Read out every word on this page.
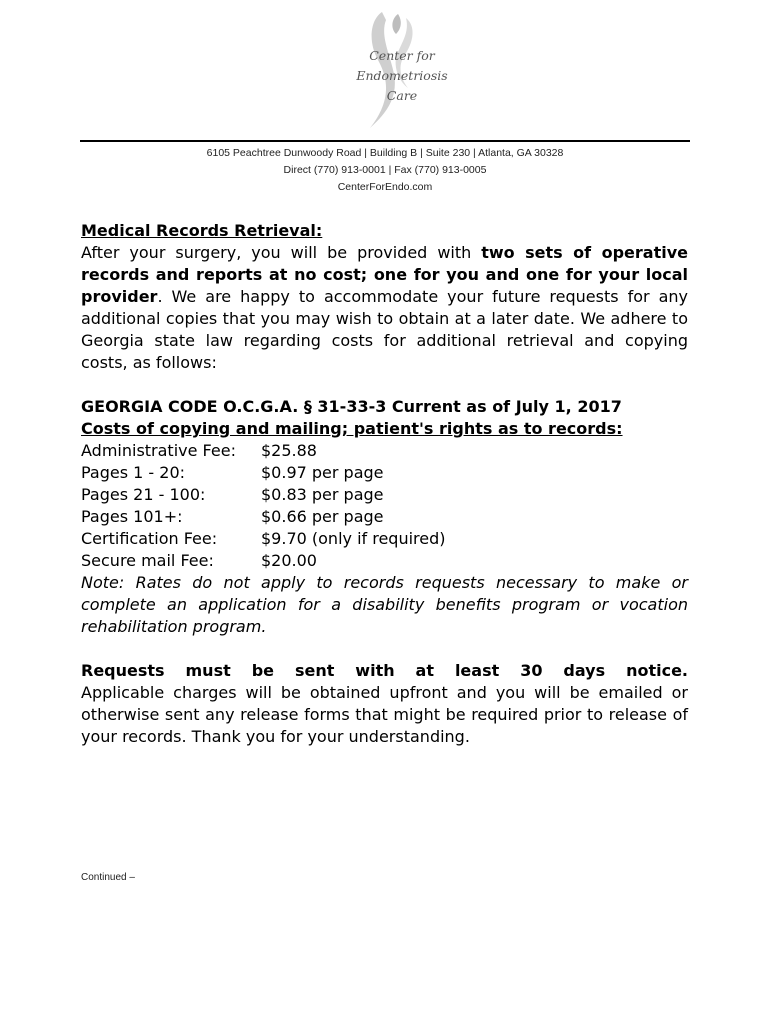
Center for
Endometriosis
Care
6105 Peachtree Dunwoody Road | Building B | Suite 230 | Atlanta, GA 30328
Direct (770) 913-0001 | Fax (770) 913-0005
CenterForEndo.com
Medical Records Retrieval:
After your surgery, you will be provided with two sets of operative records and reports at no cost; one for you and one for your local provider. We are happy to accommodate your future requests for any additional copies that you may wish to obtain at a later date. We adhere to Georgia state law regarding costs for additional retrieval and copying costs, as follows:
GEORGIA CODE O.C.G.A. § 31-33-3 Current as of July 1, 2017
Costs of copying and mailing; patient's rights as to records:
Administrative Fee:	$25.88
Pages 1 - 20:	$0.97 per page
Pages 21 - 100:	$0.83 per page
Pages 101+:	$0.66 per page
Certification Fee:	$9.70 (only if required)
Secure mail Fee:	$20.00
Note: Rates do not apply to records requests necessary to make or complete an application for a disability benefits program or vocation rehabilitation program.
Requests must be sent with at least 30 days notice.
Applicable charges will be obtained upfront and you will be emailed or otherwise sent any release forms that might be required prior to release of your records. Thank you for your understanding.
Continued –
